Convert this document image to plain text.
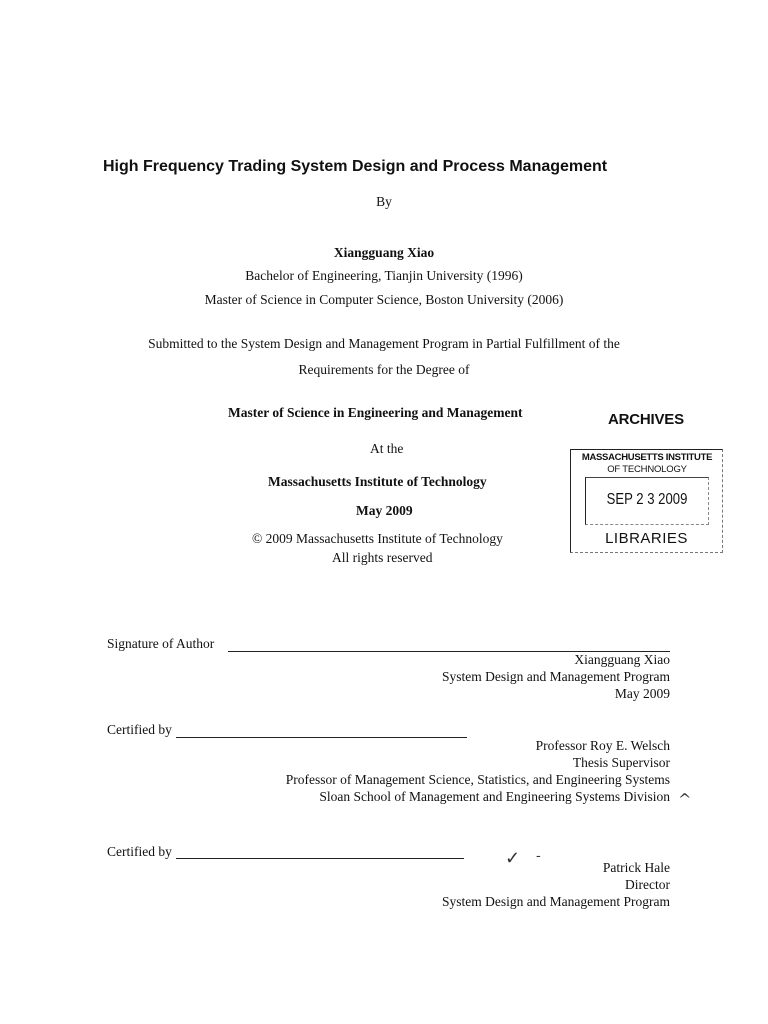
High Frequency Trading System Design and Process Management
By
Xiangguang Xiao
Bachelor of Engineering, Tianjin University (1996)
Master of Science in Computer Science, Boston University (2006)
Submitted to the System Design and Management Program in Partial Fulfillment of the
Requirements for the Degree of
Master of Science in Engineering and Management	ARCHIVES
At the
Massachusetts Institute of Technology
May 2009
© 2009 Massachusetts Institute of Technology
All rights reserved
MASSACHUSETTS INSTITUTE
OF TECHNOLOGY
SEP 2 3 2009
LIBRARIES
Signature of Author
Xiangguang Xiao
System Design and Management Program
May 2009
Certified by
Professor Roy E. Welsch
Thesis Supervisor
Professor of Management Science, Statistics, and Engineering Systems
Sloan School of Management and Engineering Systems Division ^
Certified by	✓ -
Patrick Hale
Director
System Design and Management Program
